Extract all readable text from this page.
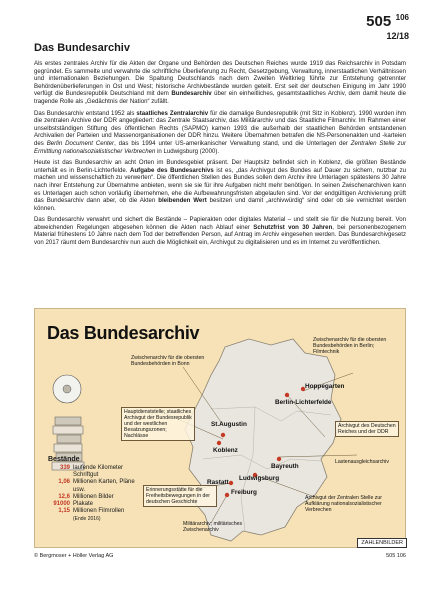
505 $^{106}$
12/18
Das Bundesarchiv

Als erstes zentrales Archiv für die Akten der Organe und Behörden des Deutschen Reiches wurde 1919 das Reichsarchiv in Potsdam gegründet. Es sammelte und verwahrte die schriftliche Überlieferung zu Recht, Gesetzgebung, Verwaltung, innerstaatlichen Verhältnissen und internationalen Beziehungen. Die Spaltung Deutschlands nach dem Zweiten Weltkrieg führte zur Entstehung getrennter Behördenüberlieferungen in Ost und West; historische Archivbestände wurden geteilt. Erst seit der deutschen Einigung im Jahr 1990 verfügt die Bundesrepublik Deutschland mit dem Bundesarchiv über ein einheitliches, gesamtstaatliches Archiv, dem damit heute die tragende Rolle als „Gedächtnis der Nation“ zufällt.

Das Bundesarchiv entstand 1952 als staatliches Zentralarchiv für die damalige Bundesrepublik (mit Sitz in Koblenz). 1990 wurden ihm die zentralen Archive der DDR angegliedert: das Zentrale Staatsarchiv, das Militärarchiv und das Staatliche Filmarchiv. Im Rahmen einer unselbstständigen Stiftung des öffentlichen Rechts (SAPMO) kamen 1993 die außerhalb der staatlichen Behörden entstandenen Archivalien der Parteien und Massenorganisationen der DDR hinzu. Weitere Übernahmen betrafen die NS-Personenakten und -karteien des Berlin Document Center, das bis 1994 unter US-amerikanischer Verwaltung stand, und die Unterlagen der Zentralen Stelle zur Ermittlung nationalsozialistischer Verbrechen in Ludwigsburg (2000).

Heute ist das Bundesarchiv an acht Orten im Bundesgebiet präsent. Der Hauptsitz befindet sich in Koblenz, die größten Bestände unterhält es in Berlin-Lichterfelde. Aufgabe des Bundesarchivs ist es, „das Archivgut des Bundes auf Dauer zu sichern, nutzbar zu machen und wissenschaftlich zu verwerten“. Die öffentlichen Stellen des Bundes sollen dem Archiv ihre Unterlagen spätestens 30 Jahre nach ihrer Entstehung zur Übernahme anbieten, wenn sie sie für ihre Aufgaben nicht mehr benötigen. In seinen Zwischenarchiven kann es Unterlagen auch schon vorläufig übernehmen, ehe die Aufbewahrungsfristen abgelaufen sind. Vor der endgültigen Archivierung prüft das Bundesarchiv dann aber, ob die Akten bleibenden Wert besitzen und damit „archivwürdig“ sind oder ob sie vernichtet werden können.

Das Bundesarchiv verwahrt und sichert die Bestände – Papierakten oder digitales Material – und stellt sie für die Nutzung bereit. Von abweichenden Regelungen abgesehen können die Akten nach Ablauf einer Schutzfrist von 30 Jahren, bei personenbezogenem Material frühestens 10 Jahre nach dem Tod der betreffenden Person, auf Antrag im Archiv eingesehen werden. Das Bundesarchivgesetz von 2017 räumt dem Bundesarchiv nun auch die Möglichkeit ein, Archivgut zu digitalisieren und es im Internet zu veröffentlichen.

Das Bundesarchiv
Zwischenarchiv für die obersten Bundesbehörden in Bonn
Zwischenarchiv für die obersten Bundesbehörden in Berlin; Filmtechnik
Hauptdienststelle; staatliches Archivgut der Bundesrepublik und der westlichen Besatzungszonen; Nachlässe
Archivgut des Deutschen Reiches und der DDR
Lastenausgleichsarchiv
Erinnerungsstätte für die Freiheitsbewegungen in der deutschen Geschichte
Militärarchiv; militärisches Zwischenarchiv
Archivgut der Zentralen Stelle zur Aufklärung nationalsozialistischer Verbrechen
Hoppegarten
Berlin-Lichterfelde
St.Augustin
Koblenz
Bayreuth
Ludwigsburg
Rastatt
Freiburg
Bestände
339 laufende Kilometer Schriftgut
1,06 Millionen Karten, Pläne usw.
12,6 Millionen Bilder
91000 Plakate
1,15 Millionen Filmrollen
(Ende 2016)
ZAHLENBILDER
© Bergmoser + Höller Verlag AG	505 106
